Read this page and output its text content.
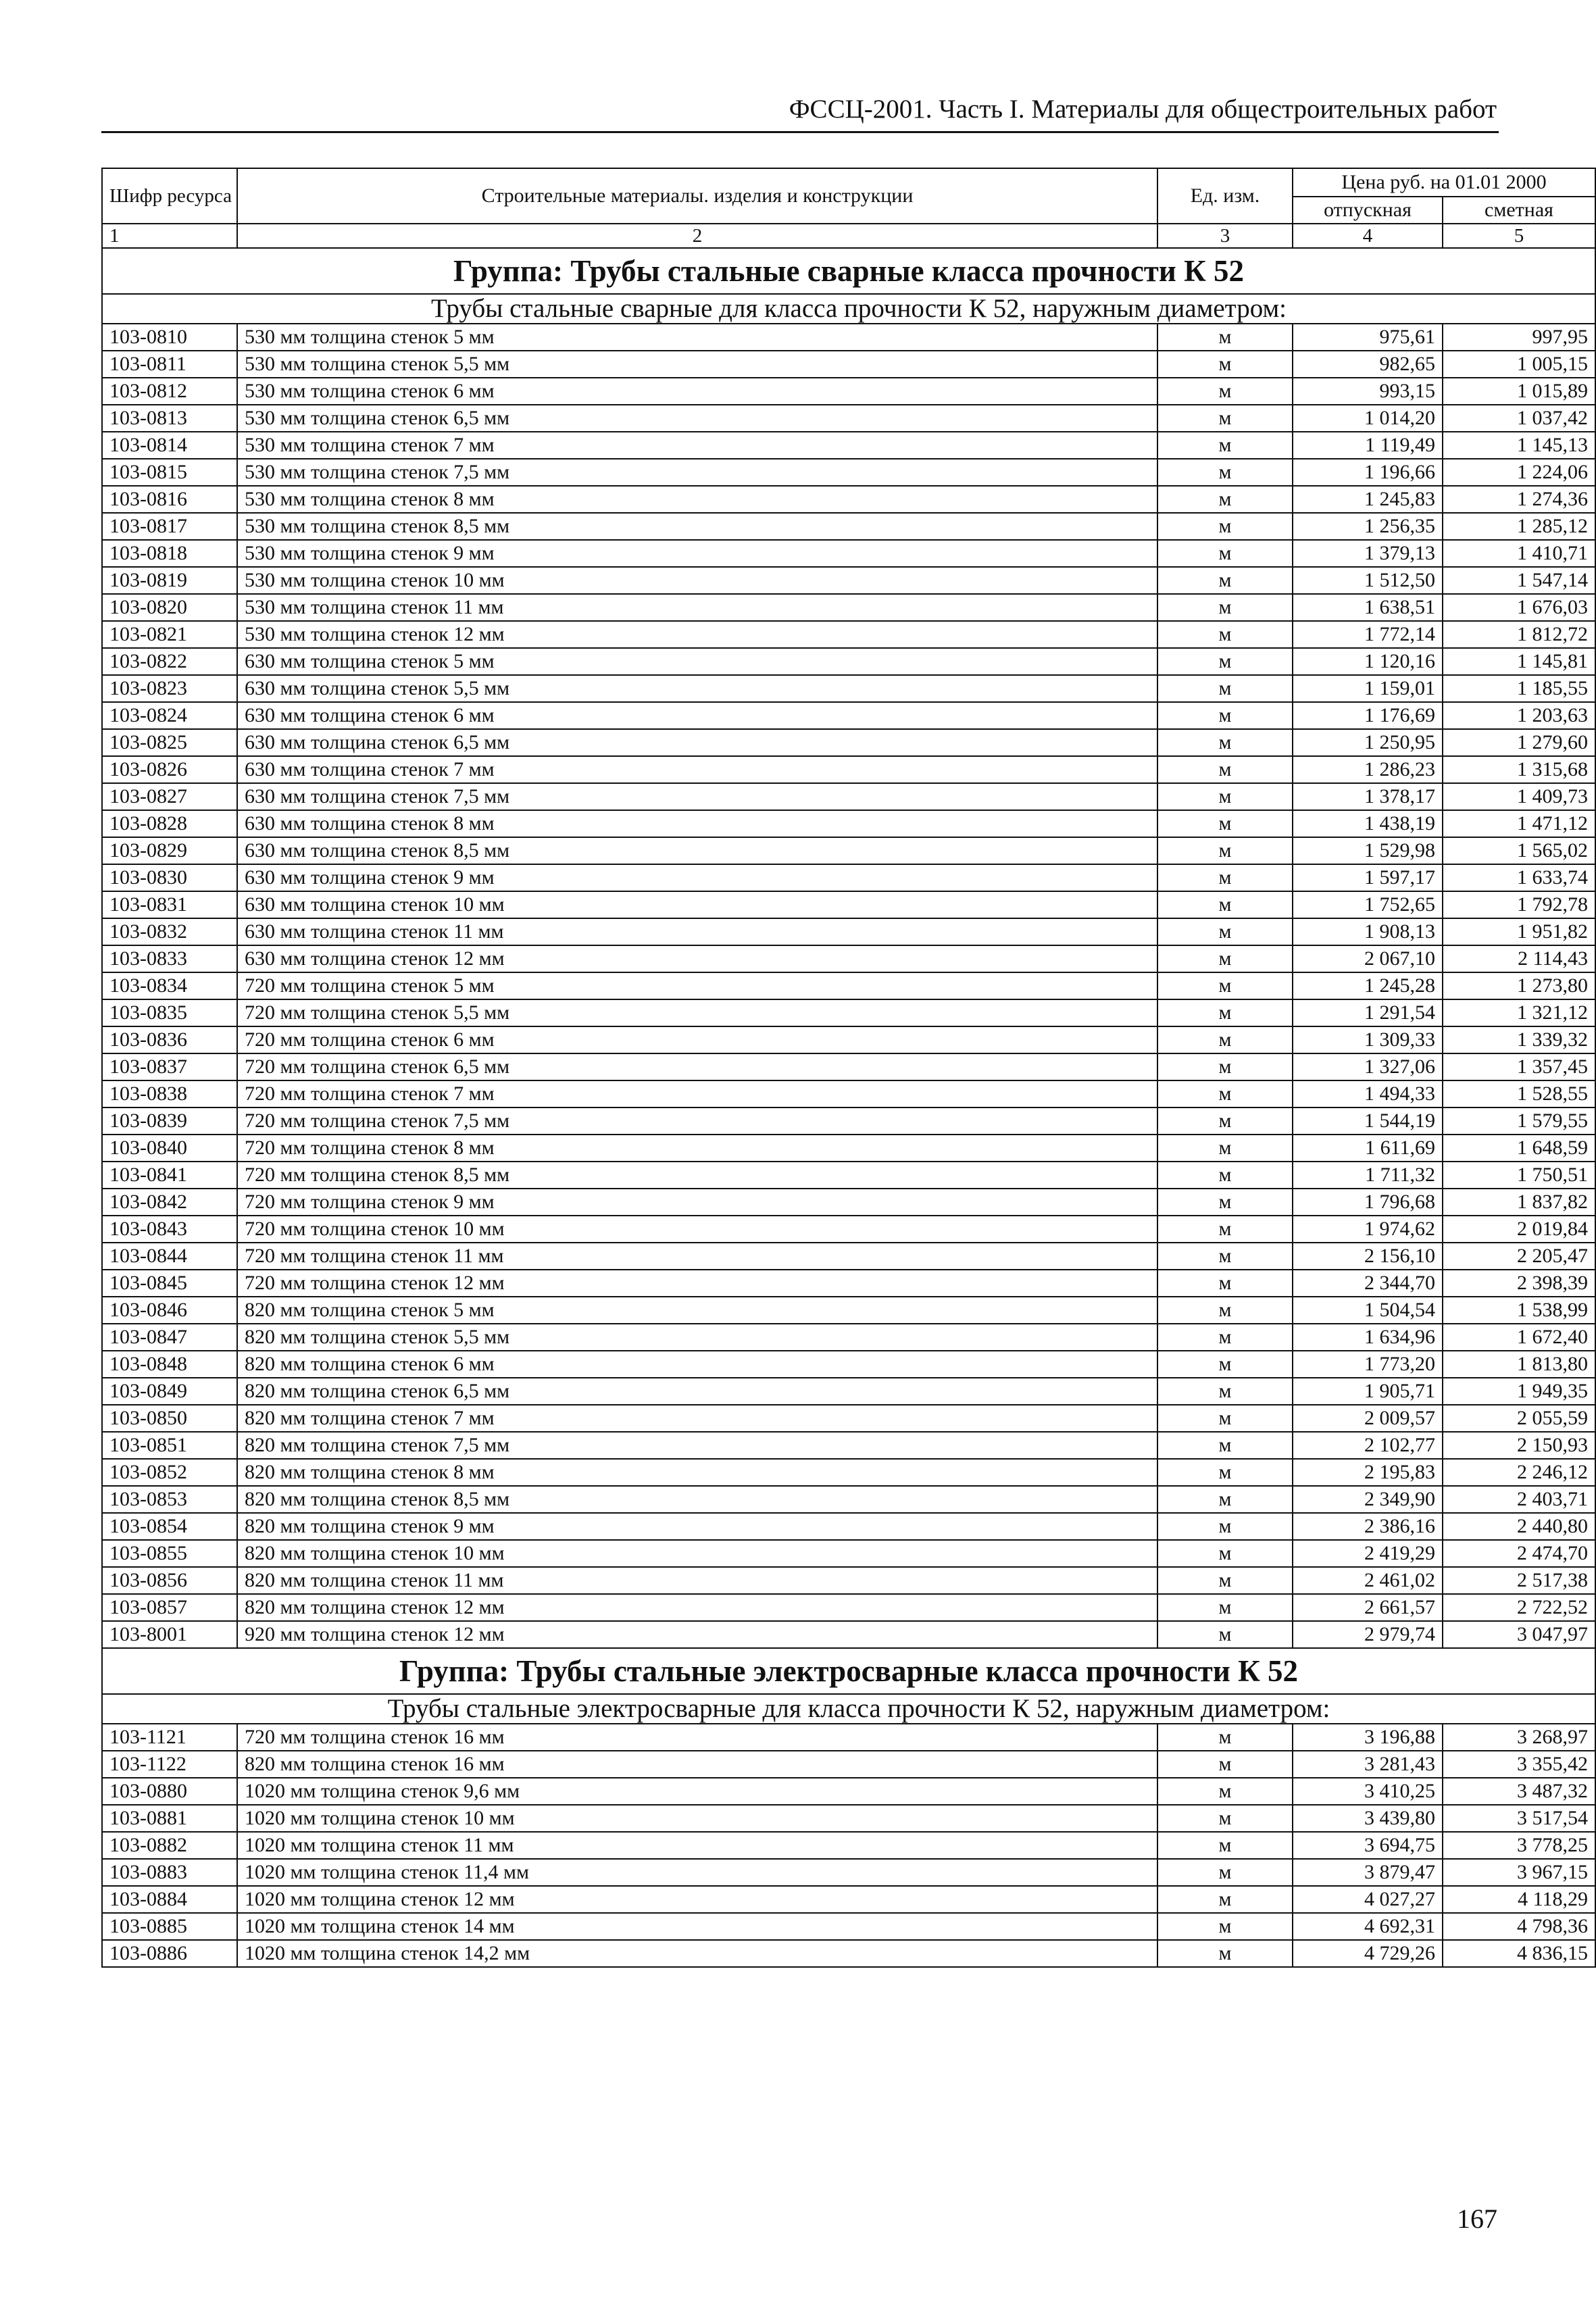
ФССЦ-2001. Часть I. Материалы для общестроительных работ
Шифр ресурса	Строительные материалы. изделия и конструкции	Ед. изм.	Цена руб. на 01.01 2000	
			отпускная	сметная
1	2	3	4	5
Группа: Трубы стальные сварные класса прочности К 52				
Трубы стальные сварные для класса прочности К 52, наружным диаметром:				
103-0810	530 мм толщина стенок 5 мм	м	975,61	997,95
103-0811	530 мм толщина стенок 5,5 мм	м	982,65	1 005,15
103-0812	530 мм толщина стенок 6 мм	м	993,15	1 015,89
103-0813	530 мм толщина стенок 6,5 мм	м	1 014,20	1 037,42
103-0814	530 мм толщина стенок 7 мм	м	1 119,49	1 145,13
103-0815	530 мм толщина стенок 7,5 мм	м	1 196,66	1 224,06
103-0816	530 мм толщина стенок 8 мм	м	1 245,83	1 274,36
103-0817	530 мм толщина стенок 8,5 мм	м	1 256,35	1 285,12
103-0818	530 мм толщина стенок 9 мм	м	1 379,13	1 410,71
103-0819	530 мм толщина стенок 10 мм	м	1 512,50	1 547,14
103-0820	530 мм толщина стенок 11 мм	м	1 638,51	1 676,03
103-0821	530 мм толщина стенок 12 мм	м	1 772,14	1 812,72
103-0822	630 мм толщина стенок 5 мм	м	1 120,16	1 145,81
103-0823	630 мм толщина стенок 5,5 мм	м	1 159,01	1 185,55
103-0824	630 мм толщина стенок 6 мм	м	1 176,69	1 203,63
103-0825	630 мм толщина стенок 6,5 мм	м	1 250,95	1 279,60
103-0826	630 мм толщина стенок 7 мм	м	1 286,23	1 315,68
103-0827	630 мм толщина стенок 7,5 мм	м	1 378,17	1 409,73
103-0828	630 мм толщина стенок 8 мм	м	1 438,19	1 471,12
103-0829	630 мм толщина стенок 8,5 мм	м	1 529,98	1 565,02
103-0830	630 мм толщина стенок 9 мм	м	1 597,17	1 633,74
103-0831	630 мм толщина стенок 10 мм	м	1 752,65	1 792,78
103-0832	630 мм толщина стенок 11 мм	м	1 908,13	1 951,82
103-0833	630 мм толщина стенок 12 мм	м	2 067,10	2 114,43
103-0834	720 мм толщина стенок 5 мм	м	1 245,28	1 273,80
103-0835	720 мм толщина стенок 5,5 мм	м	1 291,54	1 321,12
103-0836	720 мм толщина стенок 6 мм	м	1 309,33	1 339,32
103-0837	720 мм толщина стенок 6,5 мм	м	1 327,06	1 357,45
103-0838	720 мм толщина стенок 7 мм	м	1 494,33	1 528,55
103-0839	720 мм толщина стенок 7,5 мм	м	1 544,19	1 579,55
103-0840	720 мм толщина стенок 8 мм	м	1 611,69	1 648,59
103-0841	720 мм толщина стенок 8,5 мм	м	1 711,32	1 750,51
103-0842	720 мм толщина стенок 9 мм	м	1 796,68	1 837,82
103-0843	720 мм толщина стенок 10 мм	м	1 974,62	2 019,84
103-0844	720 мм толщина стенок 11 мм	м	2 156,10	2 205,47
103-0845	720 мм толщина стенок 12 мм	м	2 344,70	2 398,39
103-0846	820 мм толщина стенок 5 мм	м	1 504,54	1 538,99
103-0847	820 мм толщина стенок 5,5 мм	м	1 634,96	1 672,40
103-0848	820 мм толщина стенок 6 мм	м	1 773,20	1 813,80
103-0849	820 мм толщина стенок 6,5 мм	м	1 905,71	1 949,35
103-0850	820 мм толщина стенок 7 мм	м	2 009,57	2 055,59
103-0851	820 мм толщина стенок 7,5 мм	м	2 102,77	2 150,93
103-0852	820 мм толщина стенок 8 мм	м	2 195,83	2 246,12
103-0853	820 мм толщина стенок 8,5 мм	м	2 349,90	2 403,71
103-0854	820 мм толщина стенок 9 мм	м	2 386,16	2 440,80
103-0855	820 мм толщина стенок 10 мм	м	2 419,29	2 474,70
103-0856	820 мм толщина стенок 11 мм	м	2 461,02	2 517,38
103-0857	820 мм толщина стенок 12 мм	м	2 661,57	2 722,52
103-8001	920 мм толщина стенок 12 мм	м	2 979,74	3 047,97
Группа: Трубы стальные электросварные класса прочности К 52				
Трубы стальные электросварные для класса прочности К 52, наружным диаметром:				
103-1121	720 мм толщина стенок 16 мм	м	3 196,88	3 268,97
103-1122	820 мм толщина стенок 16 мм	м	3 281,43	3 355,42
103-0880	1020 мм толщина стенок 9,6 мм	м	3 410,25	3 487,32
103-0881	1020 мм толщина стенок 10 мм	м	3 439,80	3 517,54
103-0882	1020 мм толщина стенок 11 мм	м	3 694,75	3 778,25
103-0883	1020 мм толщина стенок 11,4 мм	м	3 879,47	3 967,15
103-0884	1020 мм толщина стенок 12 мм	м	4 027,27	4 118,29
103-0885	1020 мм толщина стенок 14 мм	м	4 692,31	4 798,36
103-0886	1020 мм толщина стенок 14,2 мм	м	4 729,26	4 836,15
167
